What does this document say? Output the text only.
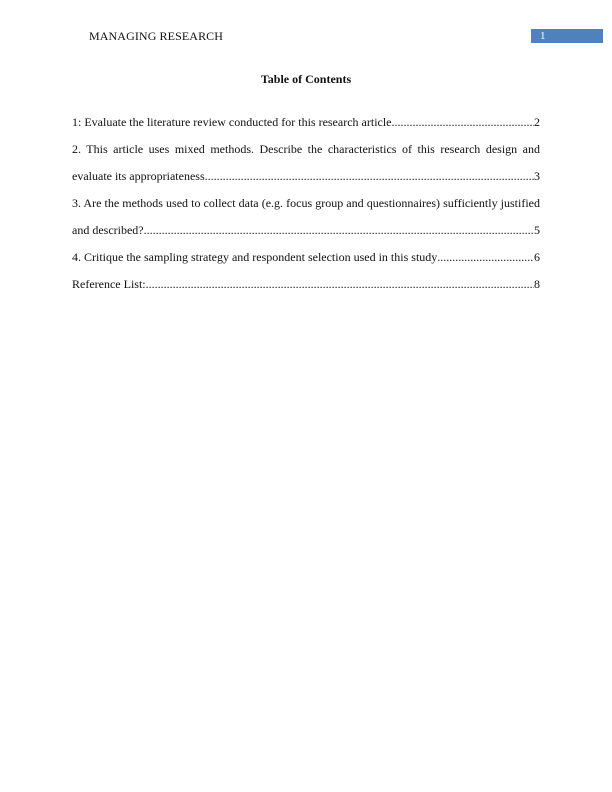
MANAGING RESEARCH	1
Table of Contents
1: Evaluate the literature review conducted for this research article .....	2
2. This article uses mixed methods. Describe the characteristics of this research design and
evaluate its appropriateness .....	3
3. Are the methods used to collect data (e.g. focus group and questionnaires) sufficiently justified
and described? .....	5
4. Critique the sampling strategy and respondent selection used in this study .....	6
Reference List: .....	8
